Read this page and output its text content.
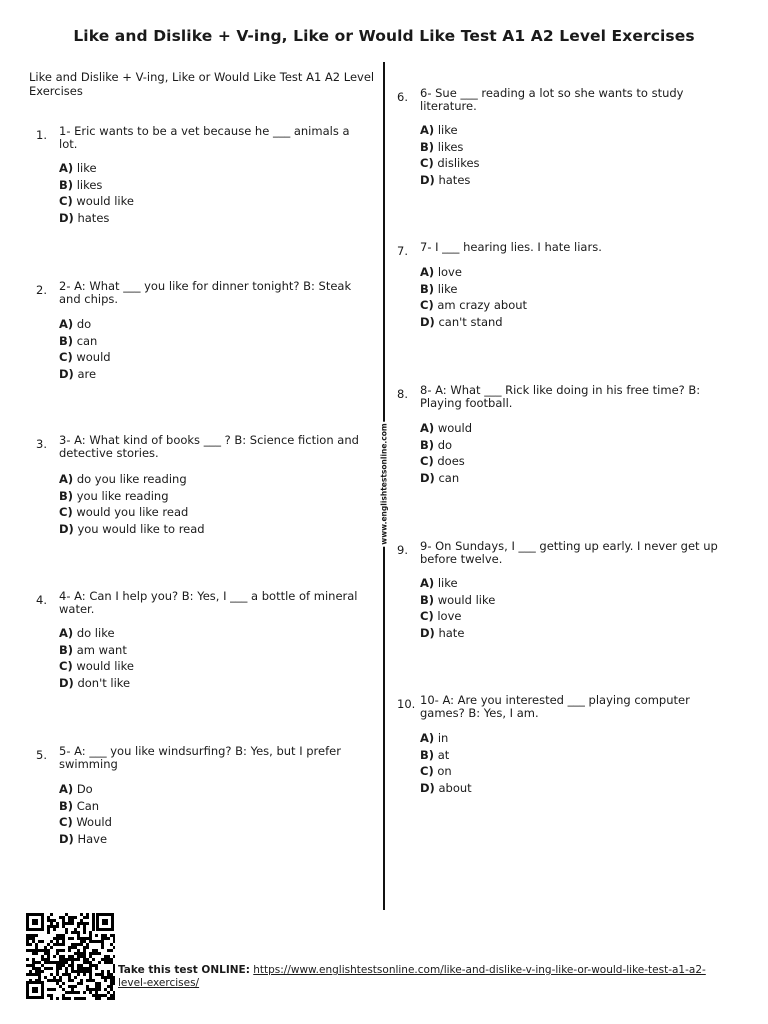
Like and Dislike + V-ing, Like or Would Like Test A1 A2 Level Exercises
Like and Dislike + V-ing, Like or Would Like Test A1 A2 Level Exercises
www.englishtestsonline.com
1. 1- Eric wants to be a vet because he ___ animals a lot.
A) like
B) likes
C) would like
D) hates
2. 2- A: What ___ you like for dinner tonight? B: Steak and chips.
A) do
B) can
C) would
D) are
3. 3- A: What kind of books ___ ? B: Science fiction and detective stories.
A) do you like reading
B) you like reading
C) would you like read
D) you would like to read
4. 4- A: Can I help you? B: Yes, I ___ a bottle of mineral water.
A) do like
B) am want
C) would like
D) don't like
5. 5- A: ___ you like windsurfing? B: Yes, but I prefer swimming
A) Do
B) Can
C) Would
D) Have
6. 6- Sue ___ reading a lot so she wants to study literature.
A) like
B) likes
C) dislikes
D) hates
7. 7- I ___ hearing lies. I hate liars.
A) love
B) like
C) am crazy about
D) can't stand
8. 8- A: What ___ Rick like doing in his free time? B: Playing football.
A) would
B) do
C) does
D) can
9. 9- On Sundays, I ___ getting up early. I never get up before twelve.
A) like
B) would like
C) love
D) hate
10. 10- A: Are you interested ___ playing computer games? B: Yes, I am.
A) in
B) at
C) on
D) about
Take this test ONLINE: https://www.englishtestsonline.com/like-and-dislike-v-ing-like-or-would-like-test-a1-a2-level-exercises/
